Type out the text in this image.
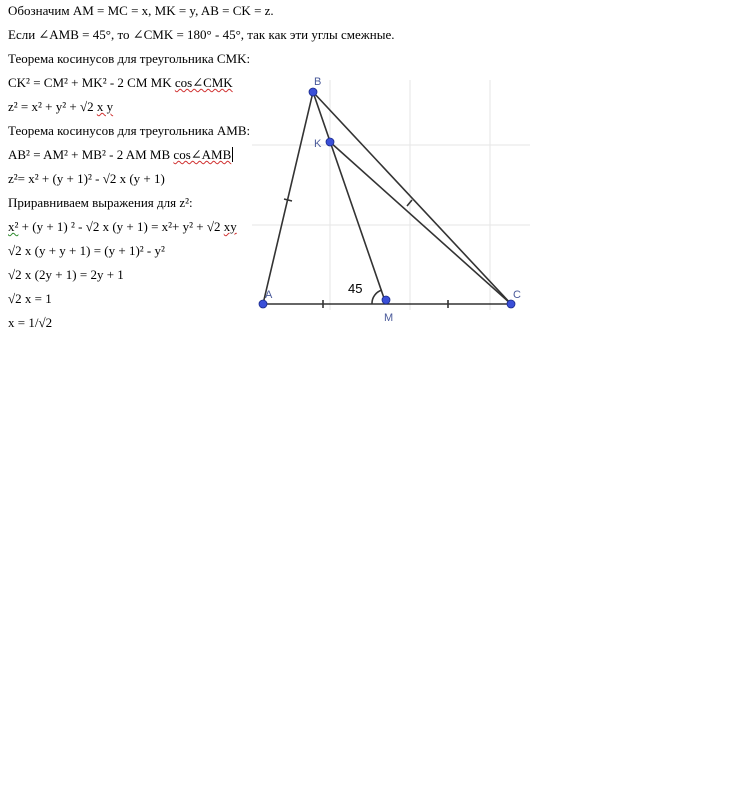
Обозначим AM = MC = x, MK = y, AB = CK = z.
Если ∠AMB = 45°, то ∠CMK = 180° - 45°, так как эти углы смежные.
Теорема косинусов для треугольника CMK:
CK² = CM² + MK² - 2 CM MK cos∠CMK
z² = x² + y² + √2 x y
Теорема косинусов для треугольника AMB:
AB² = AM² + MB² - 2 AM MB cos∠AMB
z²= x² + (y + 1)² - √2 x (y + 1)
Приравниваем выражения для z²:
x² + (y + 1) ² - √2 x (y + 1) = x²+ y² + √2 xy
√2 x (y + y + 1) = (y + 1)² - y²
√2 x (2y + 1) = 2y + 1
√2 x = 1
x = 1/√2
B
K
A	C
M
45
